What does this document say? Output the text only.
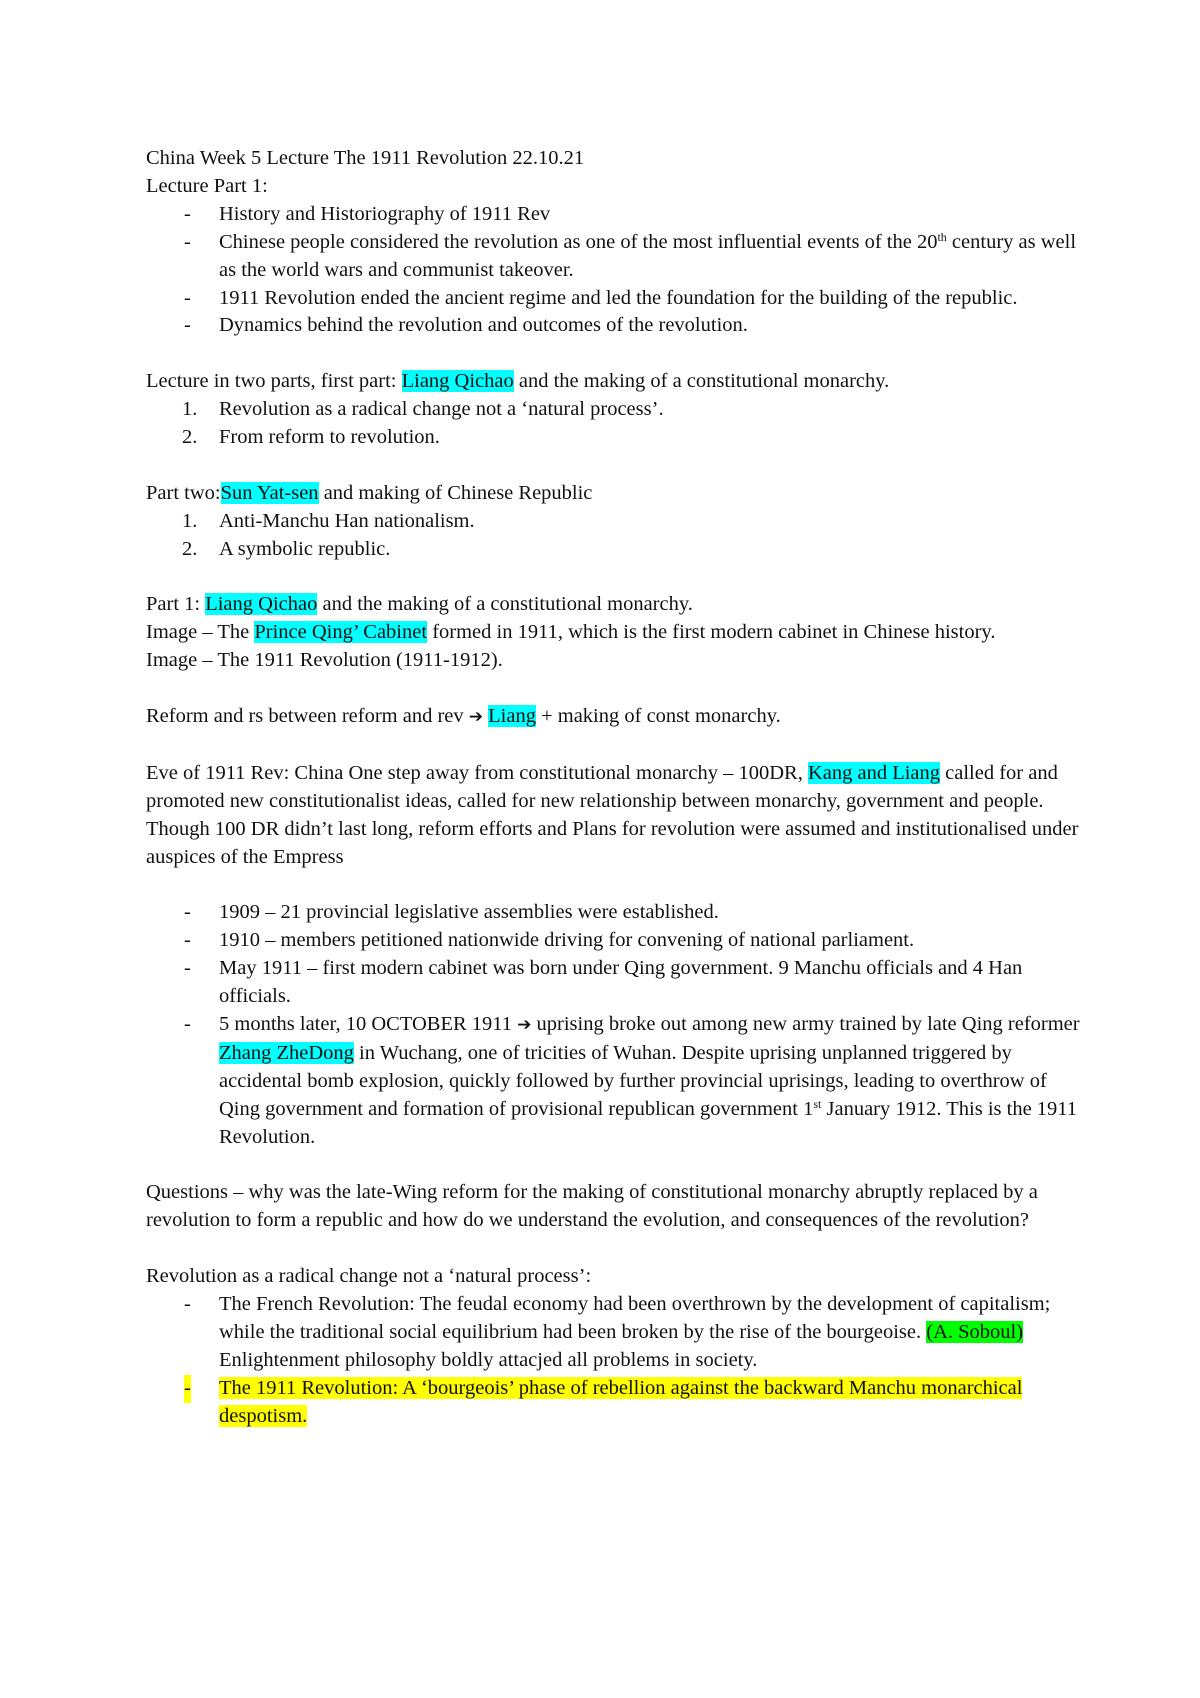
China Week 5 Lecture The 1911 Revolution 22.10.21

Lecture Part 1:

- History and Historiography of 1911 Rev
- Chinese people considered the revolution as one of the most influential events of the 20th century as well as the world wars and communist takeover.
- 1911 Revolution ended the ancient regime and led the foundation for the building of the republic.
- Dynamics behind the revolution and outcomes of the revolution.

Lecture in two parts, first part: Liang Qichao and the making of a constitutional monarchy.

1. Revolution as a radical change not a ‘natural process’.
2. From reform to revolution.

Part two:Sun Yat-sen and making of Chinese Republic

1. Anti-Manchu Han nationalism.
2. A symbolic republic.

Part 1: Liang Qichao and the making of a constitutional monarchy.

Image – The Prince Qing’ Cabinet formed in 1911, which is the first modern cabinet in Chinese history.

Image – The 1911 Revolution (1911-1912).

Reform and rs between reform and rev ➔ Liang + making of const monarchy.

Eve of 1911 Rev: China One step away from constitutional monarchy – 100DR, Kang and Liang called for and promoted new constitutionalist ideas, called for new relationship between monarchy, government and people. Though 100 DR didn’t last long, reform efforts and Plans for revolution were assumed and institutionalised under auspices of the Empress

- 1909 – 21 provincial legislative assemblies were established.
- 1910 – members petitioned nationwide driving for convening of national parliament.
- May 1911 – first modern cabinet was born under Qing government. 9 Manchu officials and 4 Han officials.
- 5 months later, 10 OCTOBER 1911 ➔ uprising broke out among new army trained by late Qing reformer Zhang ZheDong in Wuchang, one of tricities of Wuhan. Despite uprising unplanned triggered by accidental bomb explosion, quickly followed by further provincial uprisings, leading to overthrow of Qing government and formation of provisional republican government 1st January 1912. This is the 1911 Revolution.

Questions – why was the late-Wing reform for the making of constitutional monarchy abruptly replaced by a revolution to form a republic and how do we understand the evolution, and consequences of the revolution?

Revolution as a radical change not a ‘natural process’:

- The French Revolution: The feudal economy had been overthrown by the development of capitalism; while the traditional social equilibrium had been broken by the rise of the bourgeoise. (A. Soboul) Enlightenment philosophy boldly attacjed all problems in society.
- The 1911 Revolution: A ‘bourgeois’ phase of rebellion against the backward Manchu monarchical despotism.
